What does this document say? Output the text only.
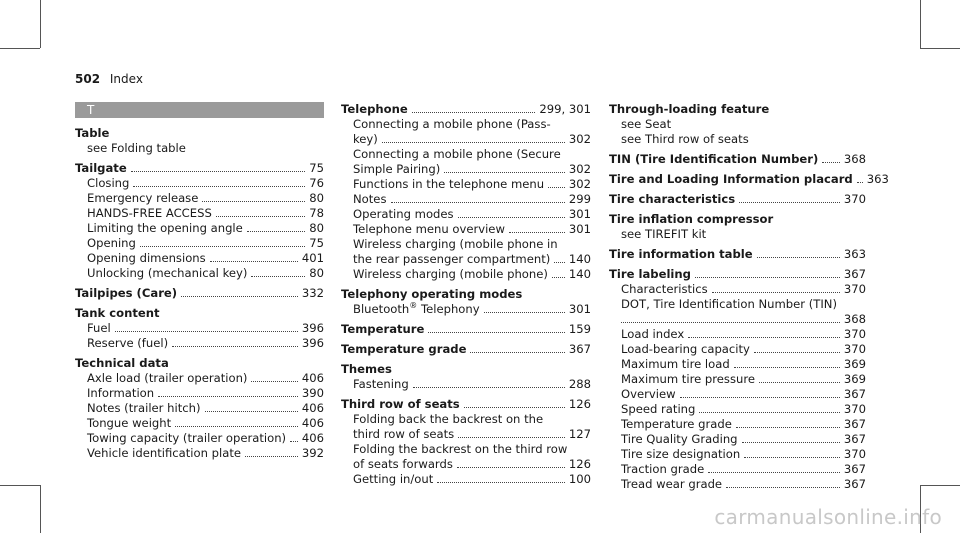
502 Index
T
Table
see Folding table
Tailgate	75
Closing	76
Emergency release	80
HANDS-FREE ACCESS	78
Limiting the opening angle	80
Opening	75
Opening dimensions	401
Unlocking (mechanical key)	80
Tailpipes (Care)	332
Tank content
Fuel	396
Reserve (fuel)	396
Technical data
Axle load (trailer operation)	406
Information	390
Notes (trailer hitch)	406
Tongue weight	406
Towing capacity (trailer operation) 406
Vehicle identification plate	392
Telephone	299, 301
Connecting a mobile phone (Pass-
key)	302
Connecting a mobile phone (Secure
Simple Pairing)	302
Functions in the telephone menu 302
Notes	299
Operating modes	301
Telephone menu overview	301
Wireless charging (mobile phone in
the rear passenger compartment) 140
Wireless charging (mobile phone) 140
Telephony operating modes
Bluetooth® Telephony	301
Temperature	159
Temperature grade	367
Themes
Fastening	288
Third row of seats	126
Folding back the backrest on the
third row of seats	127
Folding the backrest on the third row
of seats forwards	126
Getting in/out	100
Through-loading feature
see Seat
see Third row of seats
TIN (Tire Identification Number) 368
Tire and Loading Information placard 363
Tire characteristics	370
Tire inflation compressor
see TIREFIT kit
Tire information table	363
Tire labeling	367
Characteristics	370
DOT, Tire Identification Number (TIN)
368
Load index	370
Load-bearing capacity	370
Maximum tire load	369
Maximum tire pressure	369
Overview	367
Speed rating	370
Temperature grade	367
Tire Quality Grading	367
Tire size designation	370
Traction grade	367
Tread wear grade	367
carmanualsonline.info
